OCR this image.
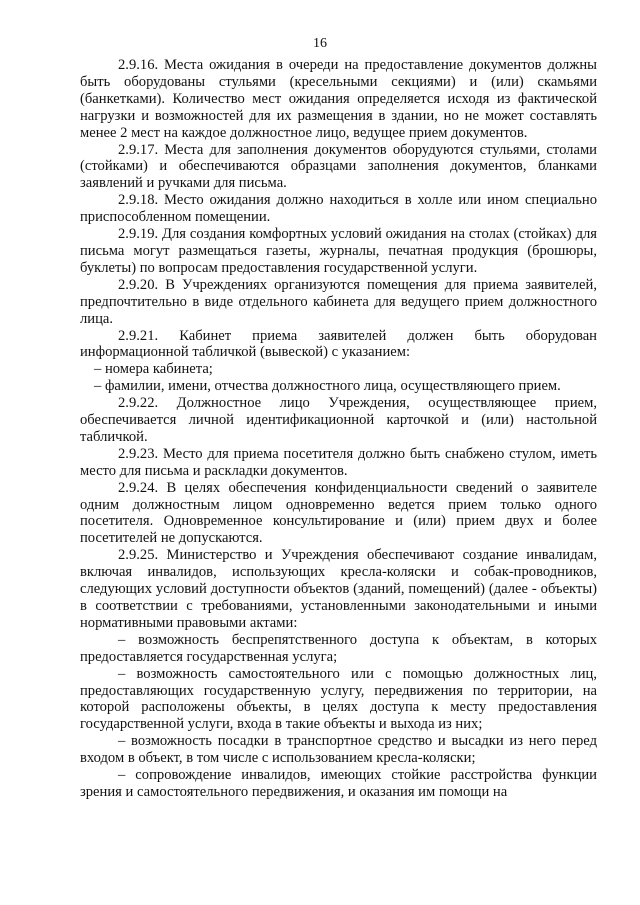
16

2.9.16. Места ожидания в очереди на предоставление документов должны быть оборудованы стульями (кресельными секциями) и (или) скамьями (банкетками). Количество мест ожидания определяется исходя из фактической нагрузки и возможностей для их размещения в здании, но не может составлять менее 2 мест на каждое должностное лицо, ведущее прием документов.

2.9.17. Места для заполнения документов оборудуются стульями, столами (стойками) и обеспечиваются образцами заполнения документов, бланками заявлений и ручками для письма.

2.9.18. Место ожидания должно находиться в холле или ином специально приспособленном помещении.

2.9.19. Для создания комфортных условий ожидания на столах (стойках) для письма могут размещаться газеты, журналы, печатная продукция (брошюры, буклеты) по вопросам предоставления государственной услуги.

2.9.20. В Учреждениях организуются помещения для приема заявителей, предпочтительно в виде отдельного кабинета для ведущего прием должностного лица.

2.9.21. Кабинет приема заявителей должен быть оборудован информационной табличкой (вывеской) с указанием:

– номера кабинета;

– фамилии, имени, отчества должностного лица, осуществляющего прием.

2.9.22. Должностное лицо Учреждения, осуществляющее прием, обеспечивается личной идентификационной карточкой и (или) настольной табличкой.

2.9.23. Место для приема посетителя должно быть снабжено стулом, иметь место для письма и раскладки документов.

2.9.24. В целях обеспечения конфиденциальности сведений о заявителе одним должностным лицом одновременно ведется прием только одного посетителя. Одновременное консультирование и (или) прием двух и более посетителей не допускаются.

2.9.25. Министерство и Учреждения обеспечивают создание инвалидам, включая инвалидов, использующих кресла-коляски и собак-проводников, следующих условий доступности объектов (зданий, помещений) (далее - объекты) в соответствии с требованиями, установленными законодательными и иными нормативными правовыми актами:

– возможность беспрепятственного доступа к объектам, в которых предоставляется государственная услуга;

– возможность самостоятельного или с помощью должностных лиц, предоставляющих государственную услугу, передвижения по территории, на которой расположены объекты, в целях доступа к месту предоставления государственной услуги, входа в такие объекты и выхода из них;

– возможность посадки в транспортное средство и высадки из него перед входом в объект, в том числе с использованием кресла-коляски;

– сопровождение инвалидов, имеющих стойкие расстройства функции зрения и самостоятельного передвижения, и оказания им помощи на
